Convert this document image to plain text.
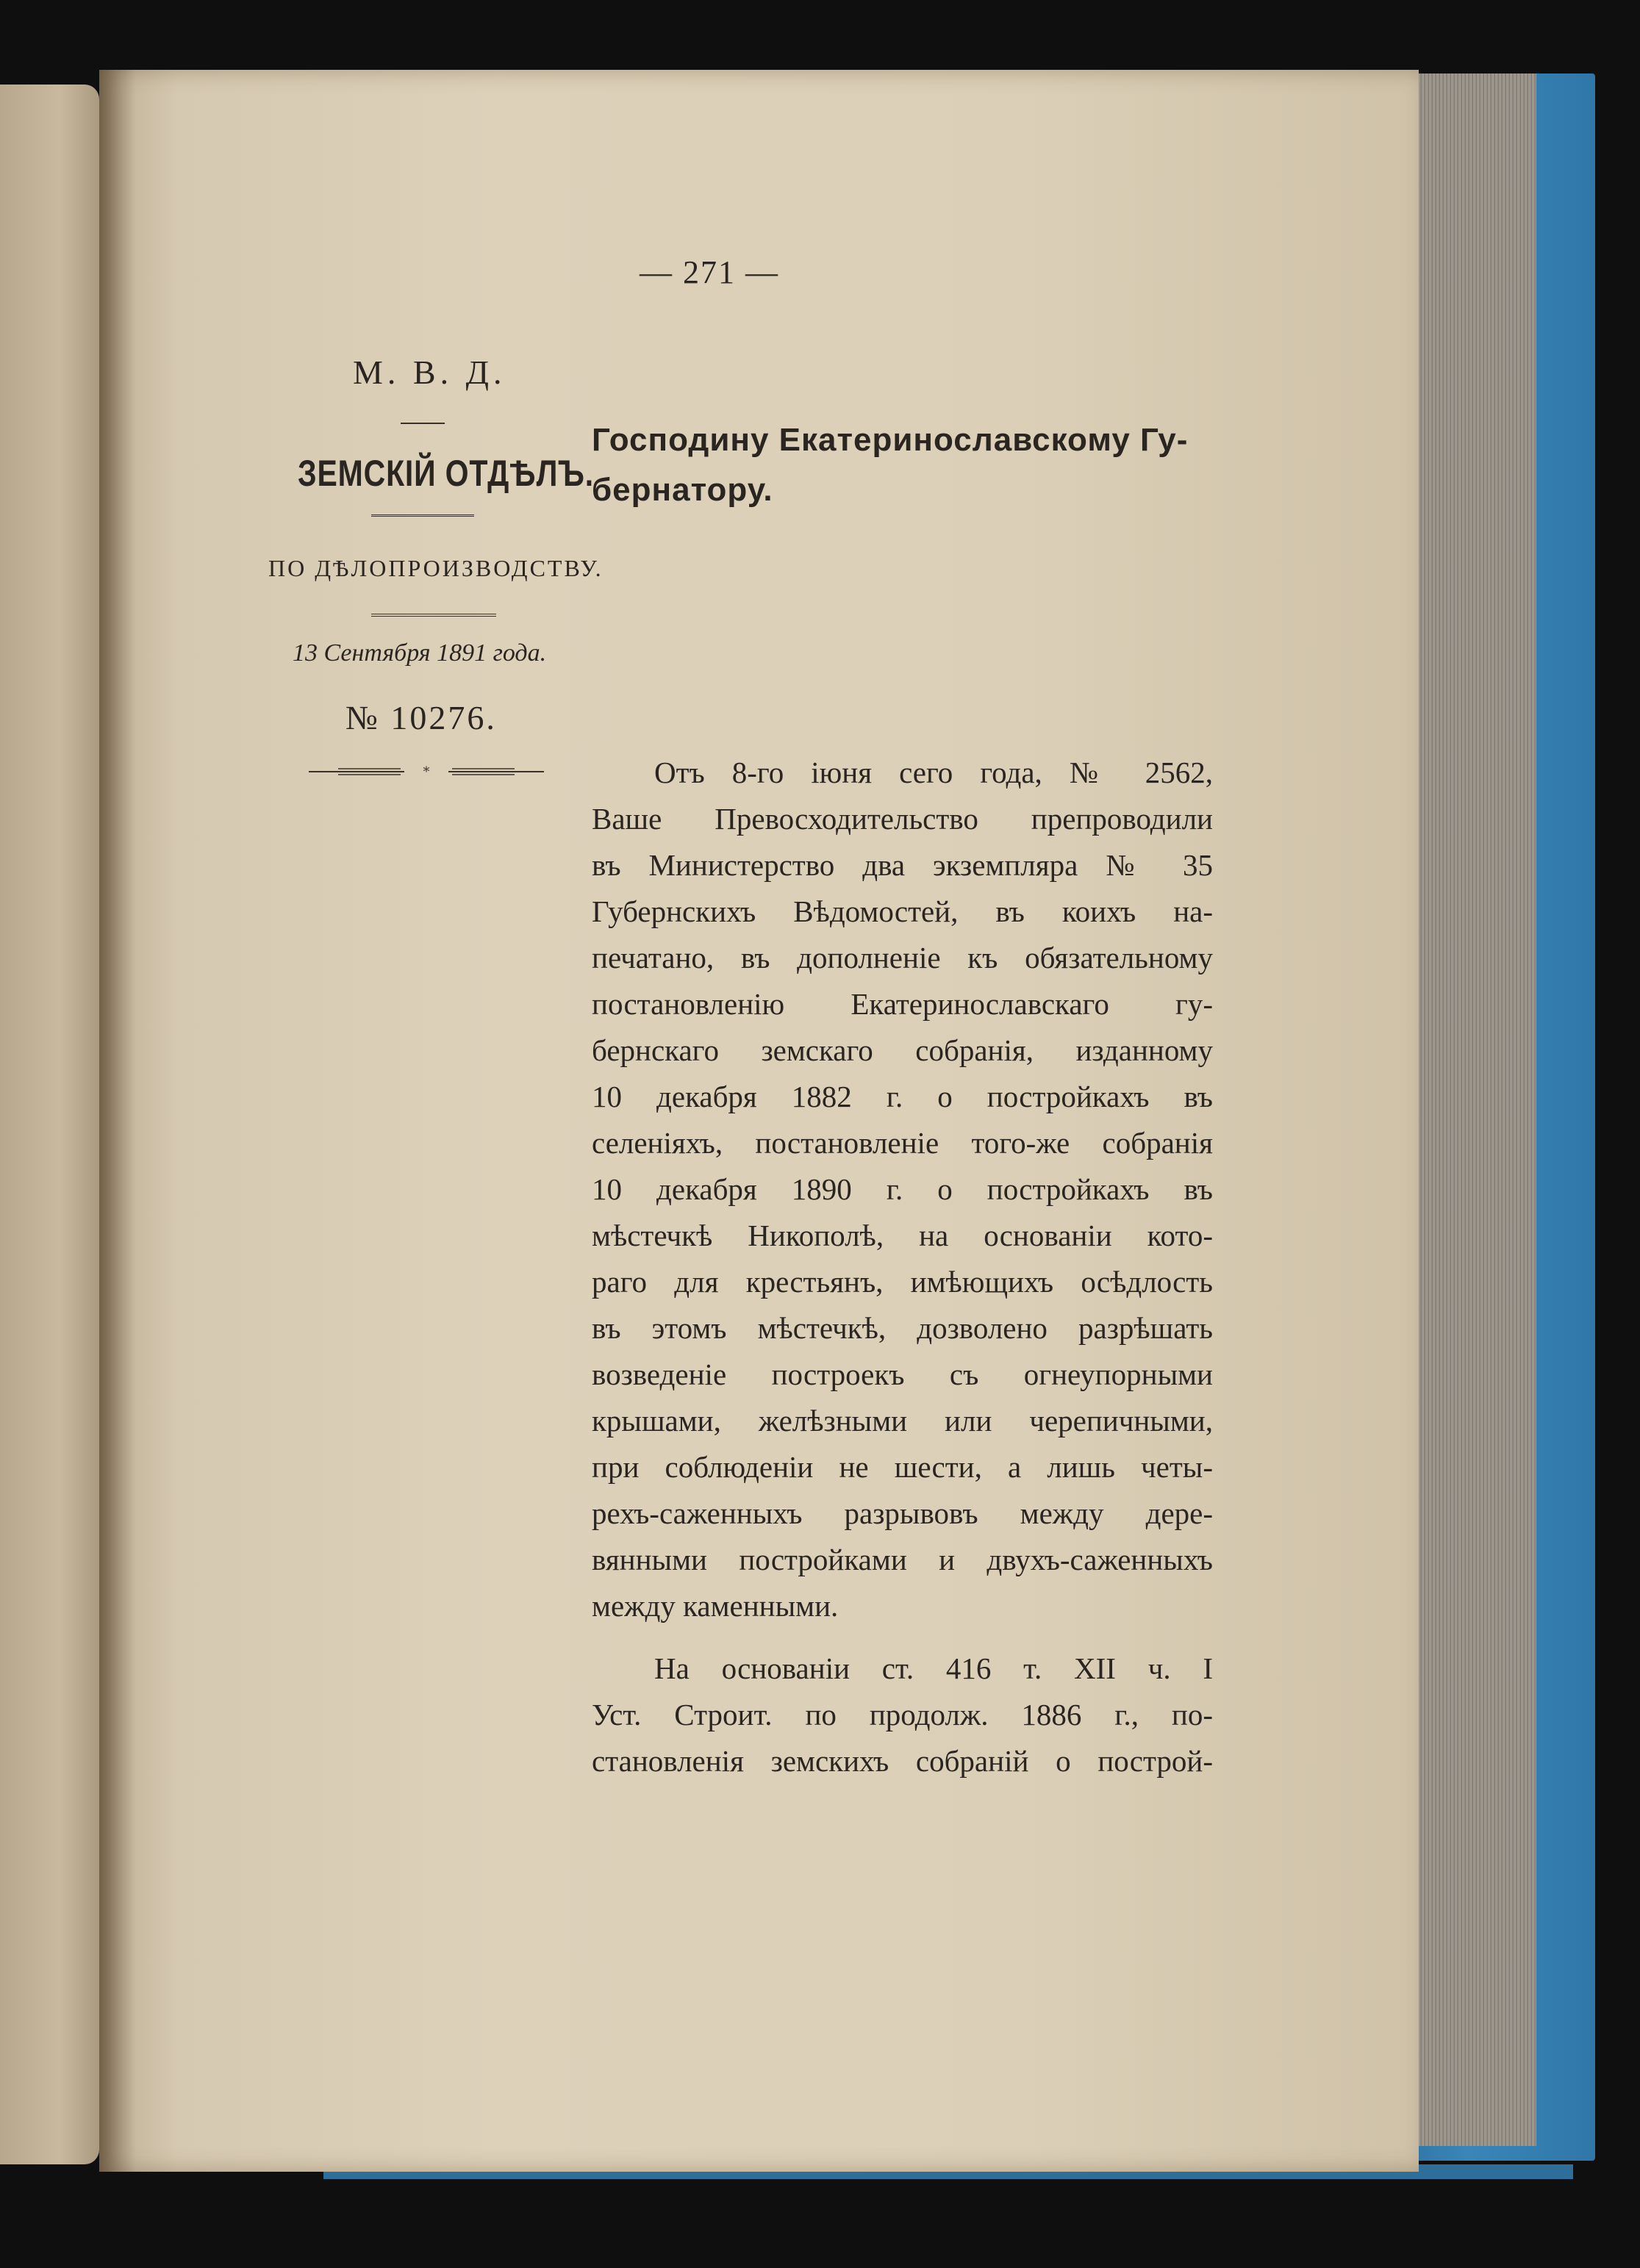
— 271 —
М. В. Д.
ЗЕМСКІЙ ОТДѢЛЪ.
ПО ДѢЛОПРОИЗВОДСТВУ.
13 Сентября 1891 года.
№ 10276.
*
Господину Екатеринославскому Гу-
бернатору.
Отъ 8-го іюня сего года, № 2562,
Ваше Превосходительство препроводили
въ Министерство два экземпляра № 35
Губернскихъ Вѣдомостей, въ коихъ на-
печатано, въ дополненіе къ обязательному
постановленію Екатеринославскаго гу-
бернскаго земскаго собранія, изданному
10 декабря 1882 г. о постройкахъ въ
селеніяхъ, постановленіе того-же собранія
10 декабря 1890 г. о постройкахъ въ
мѣстечкѣ Никополѣ, на основаніи кото-
раго для крестьянъ, имѣющихъ осѣдлость
въ этомъ мѣстечкѣ, дозволено разрѣшать
возведеніе построекъ съ огнеупорными
крышами, желѣзными или черепичными,
при соблюденіи не шести, а лишь четы-
рехъ-саженныхъ разрывовъ между дере-
вянными постройками и двухъ-саженныхъ
между каменными.
На основаніи ст. 416 т. XII ч. I
Уст. Строит. по продолж. 1886 г., по-
становленія земскихъ собраній о построй-
